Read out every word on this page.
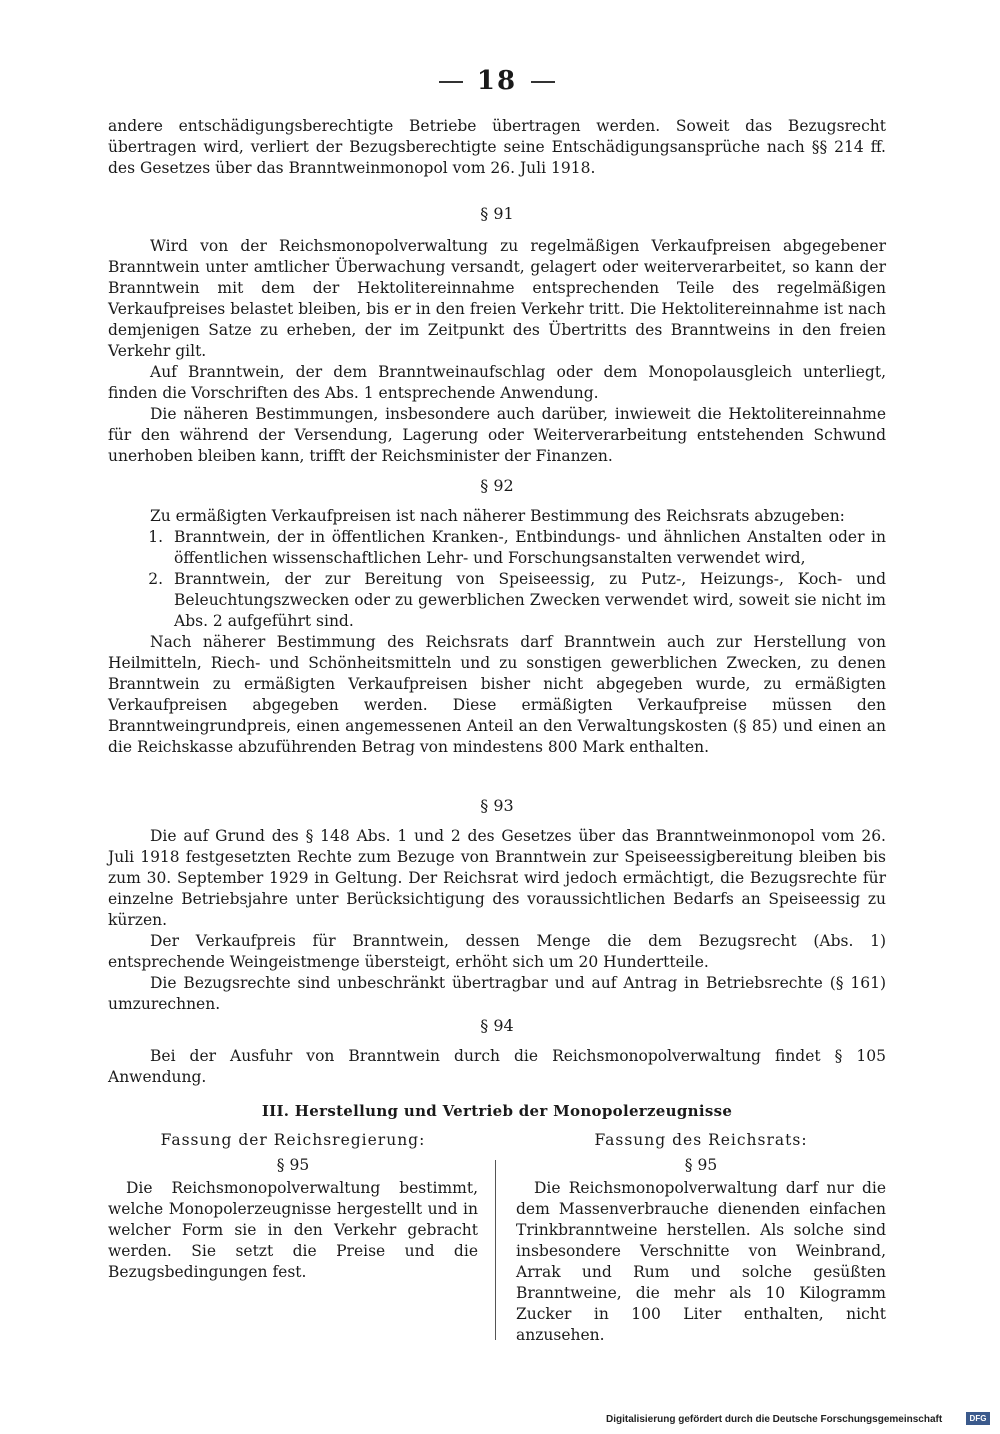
18

andere entschädigungsberechtigte Betriebe übertragen werden. Soweit das Bezugsrecht übertragen wird, verliert der Bezugsberechtigte seine Entschädigungsansprüche nach §§ 214 ff. des Gesetzes über das Branntweinmonopol vom 26. Juli 1918.

§ 91

Wird von der Reichsmonopolverwaltung zu regelmäßigen Verkaufpreisen abgegebener Branntwein unter amtlicher Überwachung versandt, gelagert oder weiterverarbeitet, so kann der Branntwein mit dem der Hektolitereinnahme entsprechenden Teile des regelmäßigen Verkaufpreises belastet bleiben, bis er in den freien Verkehr tritt. Die Hektolitereinnahme ist nach demjenigen Satze zu erheben, der im Zeitpunkt des Übertritts des Branntweins in den freien Verkehr gilt.

Auf Branntwein, der dem Branntweinaufschlag oder dem Monopolausgleich unterliegt, finden die Vorschriften des Abs. 1 entsprechende Anwendung.

Die näheren Bestimmungen, insbesondere auch darüber, inwieweit die Hektolitereinnahme für den während der Versendung, Lagerung oder Weiterverarbeitung entstehenden Schwund unerhoben bleiben kann, trifft der Reichsminister der Finanzen.

§ 92

Zu ermäßigten Verkaufpreisen ist nach näherer Bestimmung des Reichsrats abzugeben:

1. Branntwein, der in öffentlichen Kranken-, Entbindungs- und ähnlichen Anstalten oder in öffentlichen wissenschaftlichen Lehr- und Forschungsanstalten verwendet wird,
2. Branntwein, der zur Bereitung von Speiseessig, zu Putz-, Heizungs-, Koch- und Beleuchtungszwecken oder zu gewerblichen Zwecken verwendet wird, soweit sie nicht im Abs. 2 aufgeführt sind.

Nach näherer Bestimmung des Reichsrats darf Branntwein auch zur Herstellung von Heilmitteln, Riech- und Schönheitsmitteln und zu sonstigen gewerblichen Zwecken, zu denen Branntwein zu ermäßigten Verkaufpreisen bisher nicht abgegeben wurde, zu ermäßigten Verkaufpreisen abgegeben werden. Diese ermäßigten Verkaufpreise müssen den Branntweingrundpreis, einen angemessenen Anteil an den Verwaltungskosten (§ 85) und einen an die Reichskasse abzuführenden Betrag von mindestens 800 Mark enthalten.

§ 93

Die auf Grund des § 148 Abs. 1 und 2 des Gesetzes über das Branntweinmonopol vom 26. Juli 1918 festgesetzten Rechte zum Bezuge von Branntwein zur Speiseessigbereitung bleiben bis zum 30. September 1929 in Geltung. Der Reichsrat wird jedoch ermächtigt, die Bezugsrechte für einzelne Betriebsjahre unter Berücksichtigung des voraussichtlichen Bedarfs an Speiseessig zu kürzen.

Der Verkaufpreis für Branntwein, dessen Menge die dem Bezugsrecht (Abs. 1) entsprechende Weingeistmenge übersteigt, erhöht sich um 20 Hundertteile.

Die Bezugsrechte sind unbeschränkt übertragbar und auf Antrag in Betriebsrechte (§ 161) umzurechnen.

§ 94

Bei der Ausfuhr von Branntwein durch die Reichsmonopolverwaltung findet § 105 Anwendung.

III. Herstellung und Vertrieb der Monopolerzeugnisse
Fassung der Reichsregierung:
§ 95

Die Reichsmonopolverwaltung bestimmt, welche Monopolerzeugnisse hergestellt und in welcher Form sie in den Verkehr gebracht werden. Sie setzt die Preise und die Bezugsbedingungen fest.

Fassung des Reichsrats:
§ 95

Die Reichsmonopolverwaltung darf nur die dem Massenverbrauche dienenden einfachen Trinkbranntweine herstellen. Als solche sind insbesondere Verschnitte von Weinbrand, Arrak und Rum und solche gesüßten Branntweine, die mehr als 10 Kilogramm Zucker in 100 Liter enthalten, nicht anzusehen.

Digitalisierung gefördert durch die Deutsche Forschungsgemeinschaft	DFG
